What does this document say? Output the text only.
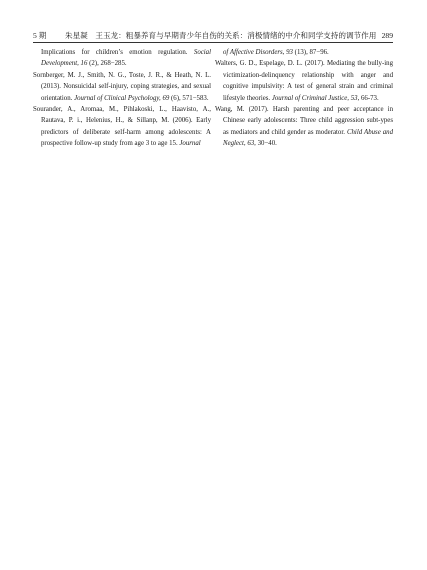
5 期 朱星凝　王玉龙：粗暴养育与早期青少年自伤的关系：消极情绪的中介和同学支持的调节作用 289

Implications for children’s emotion regulation. Social Development, 16 (2), 268−285.

Sornberger, M. J., Smith, N. G., Toste, J. R., & Heath, N. L. (2013). Nonsuicidal self-injury, coping strategies, and sexual orientation. Journal of Clinical Psychology, 69 (6), 571−583.

Sourander, A., Aromaa, M., Pihlakoski, L., Haavisto, A., Rautava, P. i., Helenius, H., & Sillanp, M. (2006). Early predictors of deliberate self-harm among adolescents: A prospective follow-up study from age 3 to age 15. Journal

of Affective Disorders, 93 (13), 87−96.

Walters, G. D., Espelage, D. L. (2017). Mediating the bully-ing victimization-delinquency relationship with anger and cognitive impulsivity: A test of general strain and criminal lifestyle theories. Journal of Criminal Justice, 53, 66-73.

Wang, M. (2017). Harsh parenting and peer acceptance in Chinese early adolescents: Three child aggression subt-ypes as mediators and child gender as moderator. Child Abuse and Neglect, 63, 30−40.
